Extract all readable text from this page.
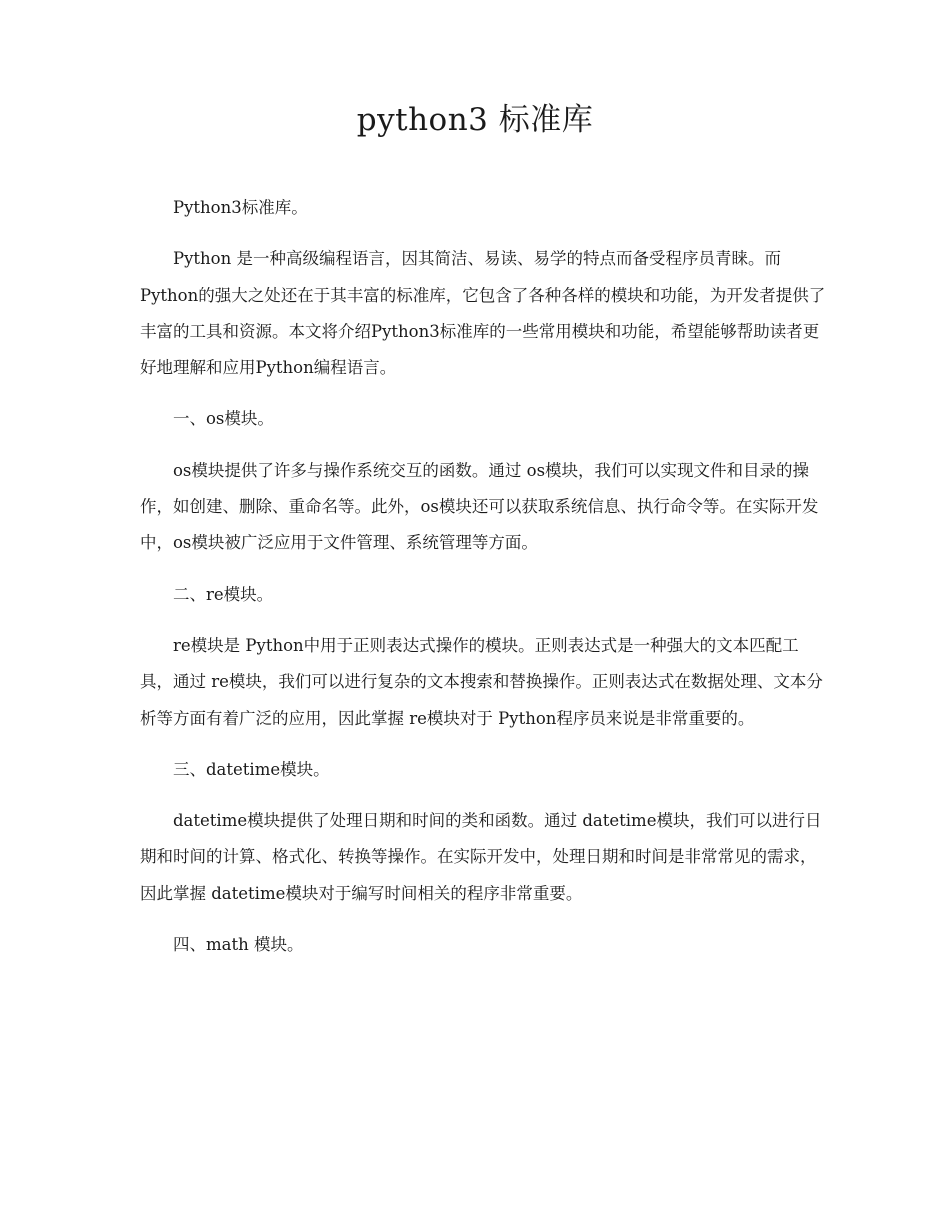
python3 标准库

Python3标准库。

Python 是一种高级编程语言，因其简洁、易读、易学的特点而备受程序员青睐。而Python的强大之处还在于其丰富的标准库，它包含了各种各样的模块和功能，为开发者提供了丰富的工具和资源。本文将介绍Python3标准库的一些常用模块和功能，希望能够帮助读者更好地理解和应用Python编程语言。

一、os模块。

os模块提供了许多与操作系统交互的函数。通过 os模块，我们可以实现文件和目录的操作，如创建、删除、重命名等。此外，os模块还可以获取系统信息、执行命令等。在实际开发中，os模块被广泛应用于文件管理、系统管理等方面。

二、re模块。

re模块是 Python中用于正则表达式操作的模块。正则表达式是一种强大的文本匹配工具，通过 re模块，我们可以进行复杂的文本搜索和替换操作。正则表达式在数据处理、文本分析等方面有着广泛的应用，因此掌握 re模块对于 Python程序员来说是非常重要的。

三、datetime模块。

datetime模块提供了处理日期和时间的类和函数。通过 datetime模块，我们可以进行日期和时间的计算、格式化、转换等操作。在实际开发中，处理日期和时间是非常常见的需求，因此掌握 datetime模块对于编写时间相关的程序非常重要。

四、math 模块。
